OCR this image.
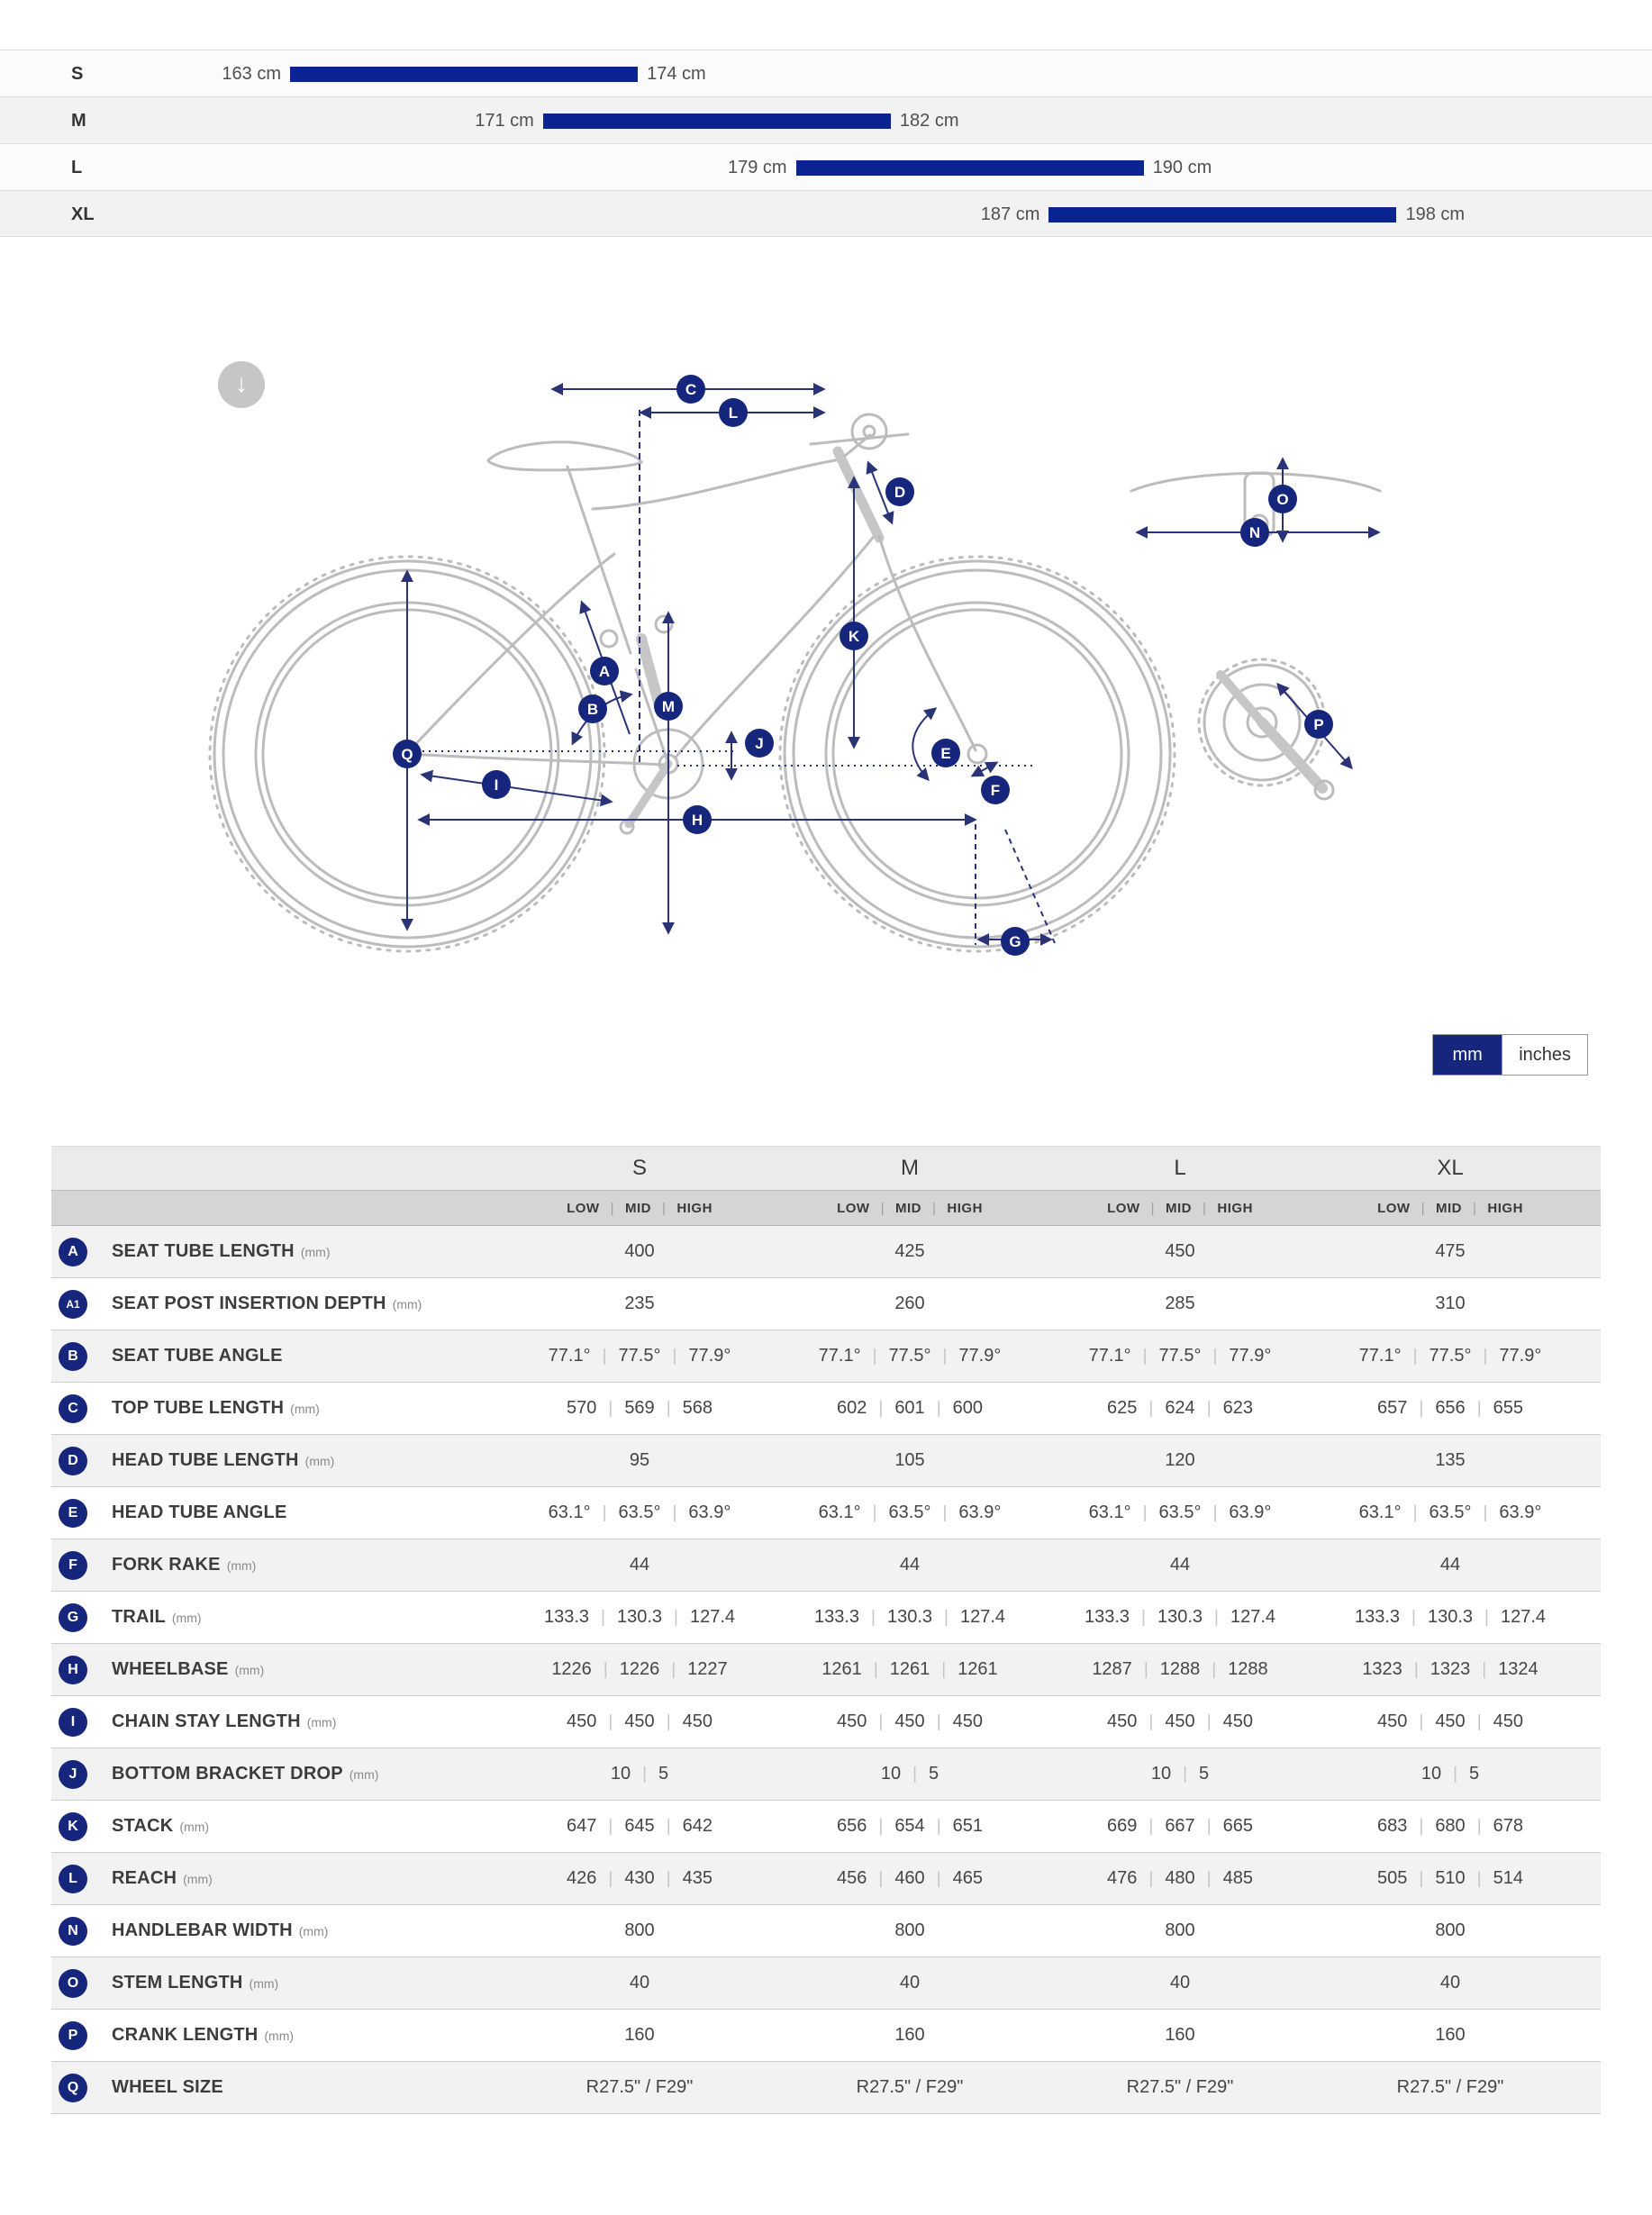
S	163 cm	174 cm
M	171 cm	182 cm
L	179 cm	190 cm
XL	187 cm	198 cm
↓
A
B
C
D
E
F
G
H
I
J
K
L
M
N
O
P
Q
mm	inches
S	M	L	XL
LOW | MID | HIGH	LOW | MID | HIGH	LOW | MID | HIGH	LOW | MID | HIGH
A	SEAT TUBE LENGTH (mm)	400	425	450	475
A1	SEAT POST INSERTION DEPTH (mm)	235	260	285	310
B	SEAT TUBE ANGLE	77.1° | 77.5° | 77.9°	77.1° | 77.5° | 77.9°	77.1° | 77.5° | 77.9°	77.1° | 77.5° | 77.9°
C	TOP TUBE LENGTH (mm)	570 | 569 | 568	602 | 601 | 600	625 | 624 | 623	657 | 656 | 655
D	HEAD TUBE LENGTH (mm)	95	105	120	135
E	HEAD TUBE ANGLE	63.1° | 63.5° | 63.9°	63.1° | 63.5° | 63.9°	63.1° | 63.5° | 63.9°	63.1° | 63.5° | 63.9°
F	FORK RAKE (mm)	44	44	44	44
G	TRAIL (mm)	133.3 | 130.3 | 127.4	133.3 | 130.3 | 127.4	133.3 | 130.3 | 127.4	133.3 | 130.3 | 127.4
H	WHEELBASE (mm)	1226 | 1226 | 1227	1261 | 1261 | 1261	1287 | 1288 | 1288	1323 | 1323 | 1324
I	CHAIN STAY LENGTH (mm)	450 | 450 | 450	450 | 450 | 450	450 | 450 | 450	450 | 450 | 450
J	BOTTOM BRACKET DROP (mm)	10 | 5	10 | 5	10 | 5	10 | 5
K	STACK (mm)	647 | 645 | 642	656 | 654 | 651	669 | 667 | 665	683 | 680 | 678
L	REACH (mm)	426 | 430 | 435	456 | 460 | 465	476 | 480 | 485	505 | 510 | 514
N	HANDLEBAR WIDTH (mm)	800	800	800	800
O	STEM LENGTH (mm)	40	40	40	40
P	CRANK LENGTH (mm)	160	160	160	160
Q	WHEEL SIZE	R27.5" / F29"	R27.5" / F29"	R27.5" / F29"	R27.5" / F29"
